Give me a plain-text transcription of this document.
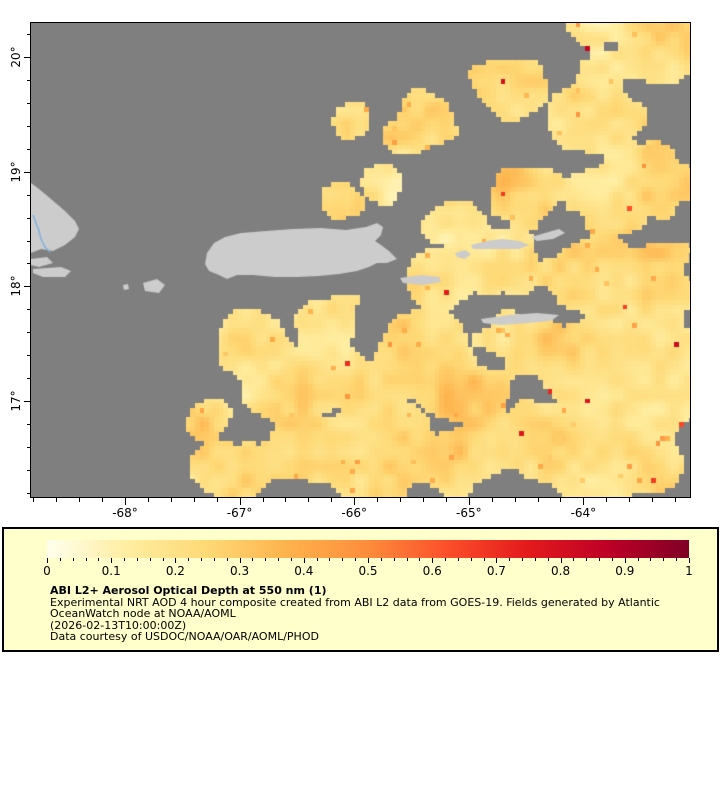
20°
19°
18°
17°
-68°	-67°	-66°	-65°	-64°
ABI L2+ Aerosol Optical Depth at 550 nm (1)
Experimental NRT AOD 4 hour composite created from ABI L2 data from GOES-19. Fields generated by Atlantic
OceanWatch node at NOAA/AOML
(2026-02-13T10:00:00Z)
Data courtesy of USDOC/NOAA/OAR/AOML/PHOD
0	0.1	0.2	0.3	0.4	0.5	0.6	0.7	0.8	0.9	1
